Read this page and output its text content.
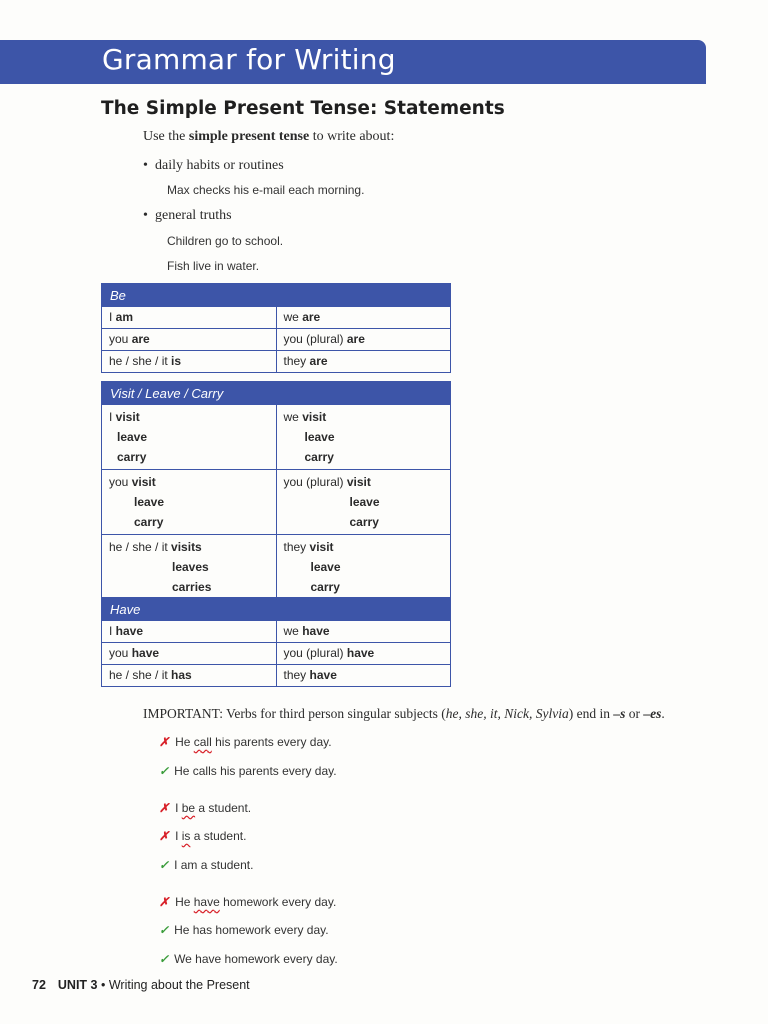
Grammar for Writing
The Simple Present Tense: Statements
Use the simple present tense to write about:
• daily habits or routines
Max checks his e-mail each morning.
• general truths
Children go to school.
Fish live in water.
Be	
I am	we are
you are	you (plural) are
he / she / it is	they are
Visit / Leave / Carry	

I visit
leave
carry	we visit
leave
carry

you visit
leave
carry	you (plural) visit
leave
carry

he / she / it visits
leaves
carries	they visit
leave
carry
Have	
I have	we have
you have	you (plural) have
he / she / it has	they have
IMPORTANT: Verbs for third person singular subjects (he, she, it, Nick, Sylvia) end in –s or –es.
✗ He call his parents every day.
✓ He calls his parents every day.
✗ I be a student.
✗ I is a student.
✓ I am a student.
✗ He have homework every day.
✓ He has homework every day.
✓ We have homework every day.
72 UNIT 3 • Writing about the Present
